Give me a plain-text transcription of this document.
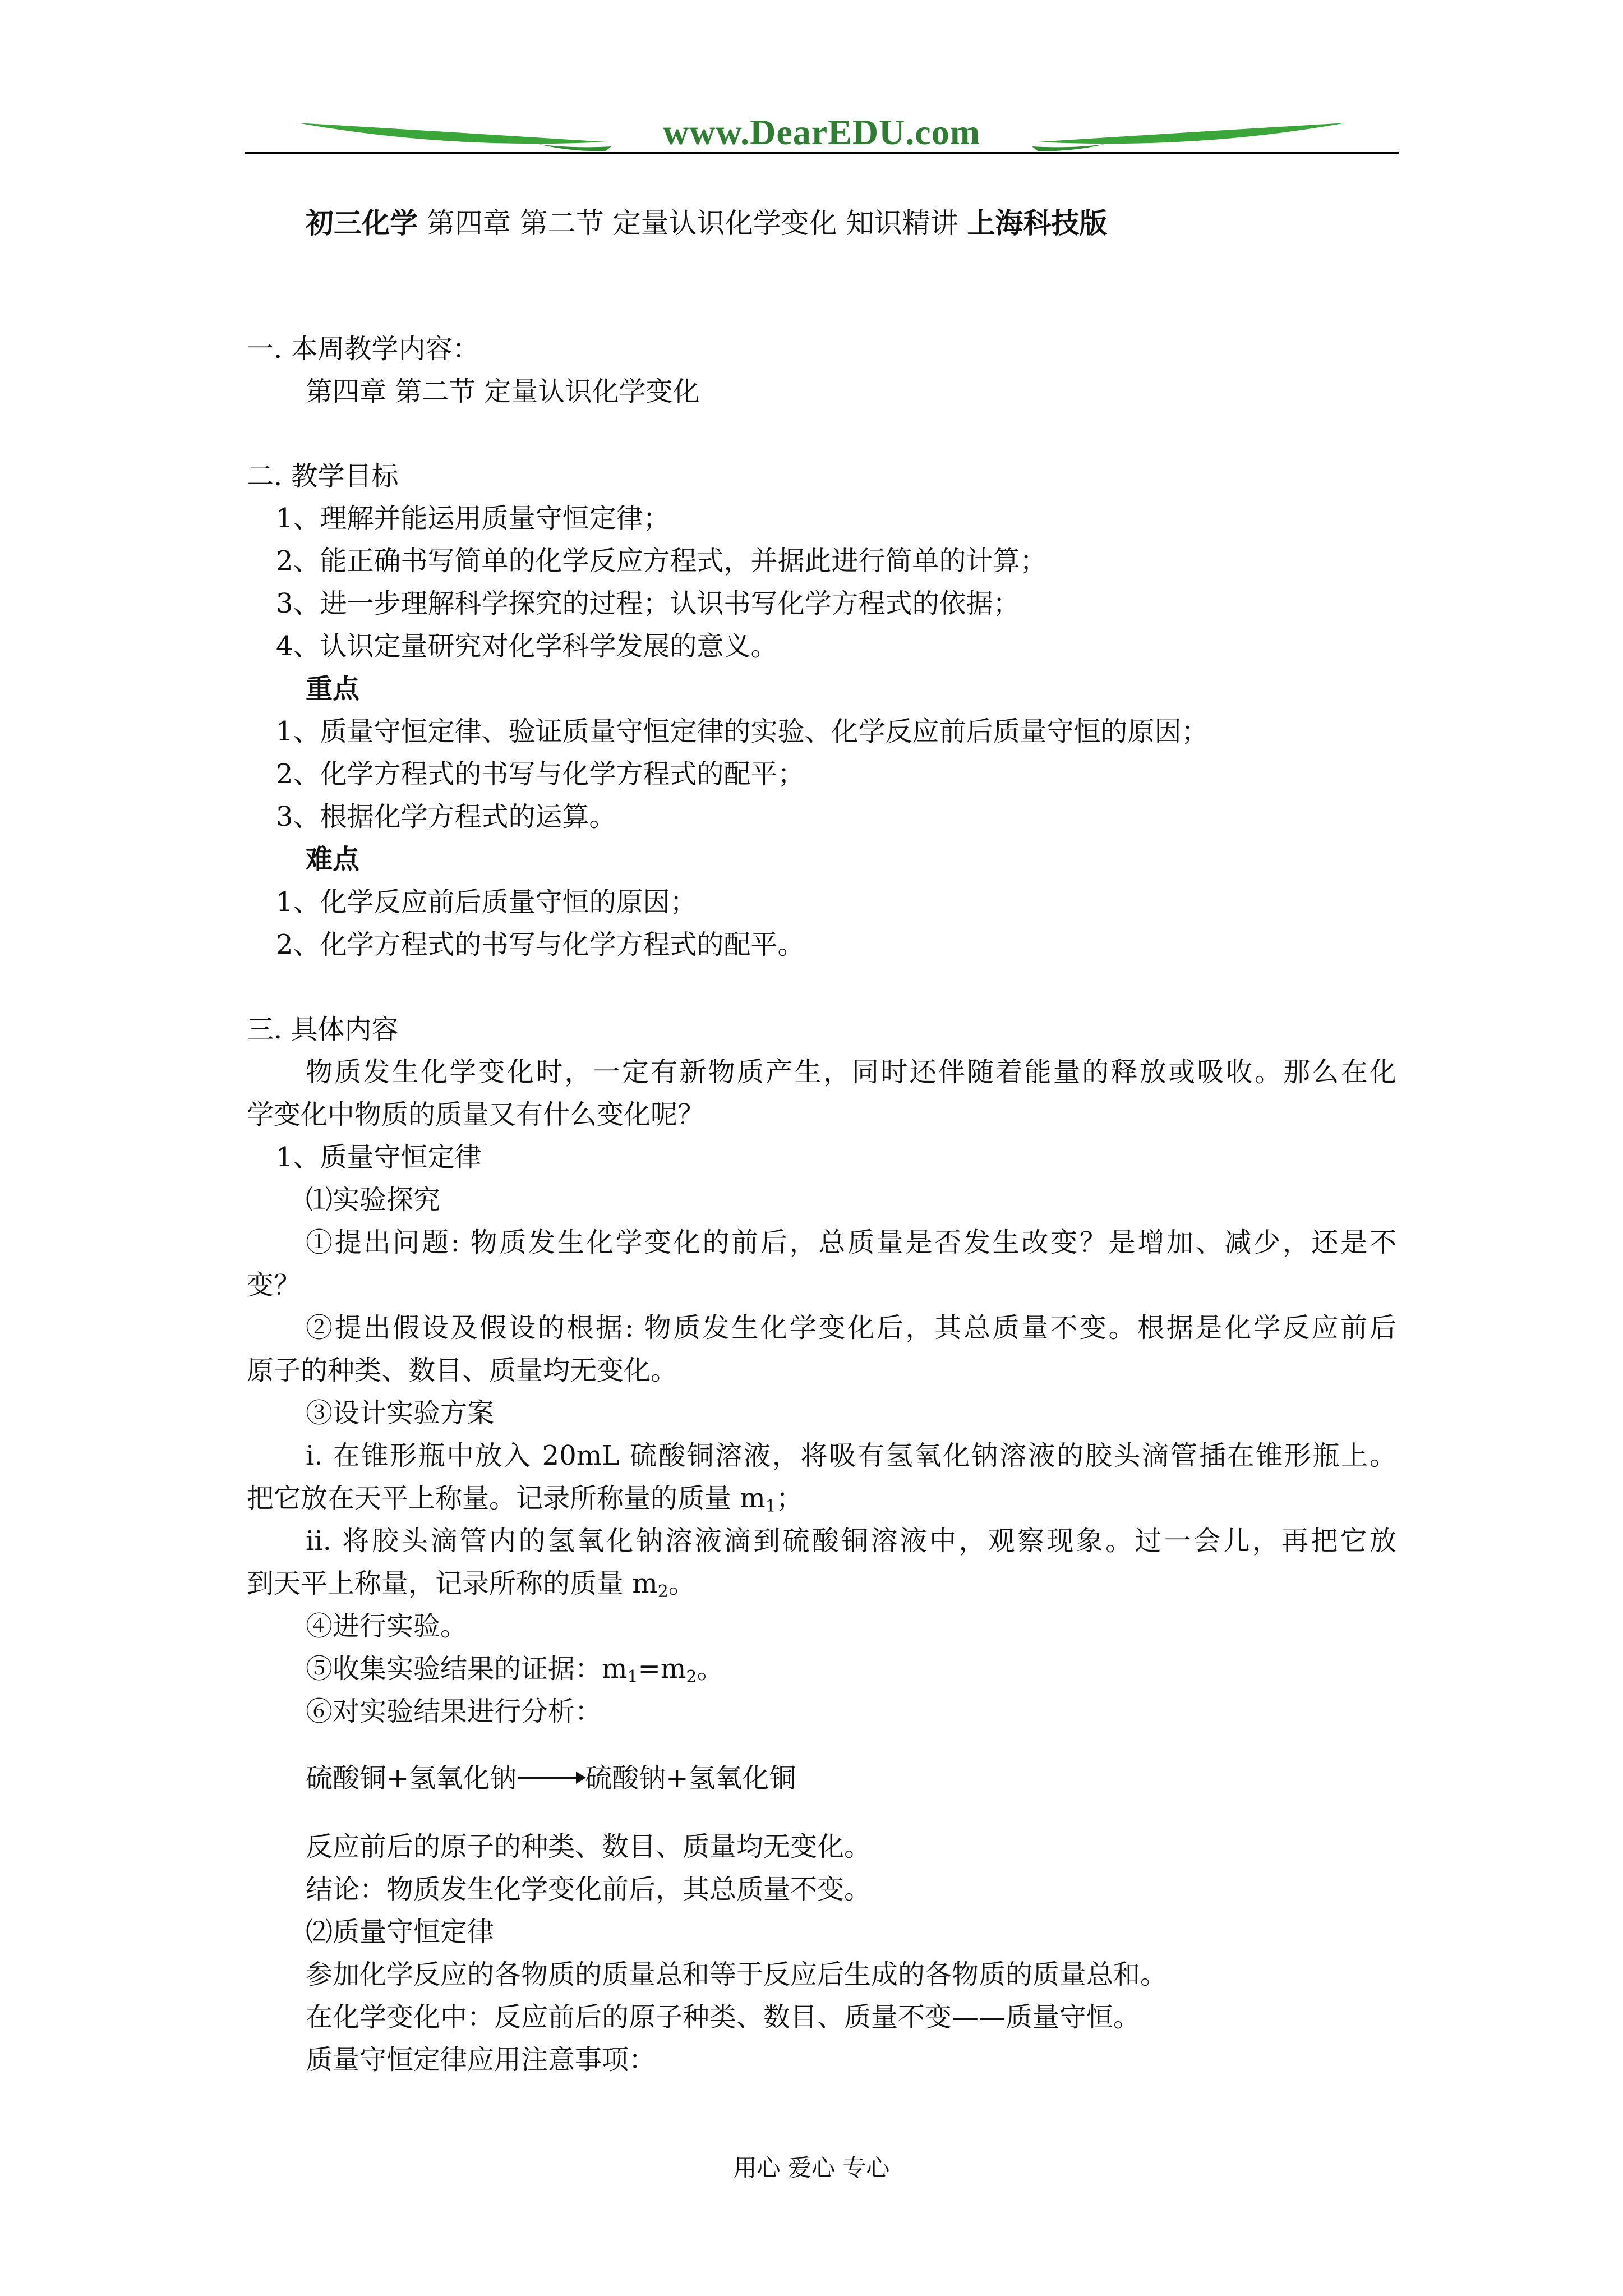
www.DearEDU.com
初三化学 第四章 第二节 定量认识化学变化 知识精讲 上海科技版
一. 本周教学内容：
第四章 第二节 定量认识化学变化
二. 教学目标
1、理解并能运用质量守恒定律；
2、能正确书写简单的化学反应方程式，并据此进行简单的计算；
3、进一步理解科学探究的过程；认识书写化学方程式的依据；
4、认识定量研究对化学科学发展的意义。
重点
1、质量守恒定律、验证质量守恒定律的实验、化学反应前后质量守恒的原因；
2、化学方程式的书写与化学方程式的配平；
3、根据化学方程式的运算。
难点
1、化学反应前后质量守恒的原因；
2、化学方程式的书写与化学方程式的配平。
三. 具体内容
物质发生化学变化时，一定有新物质产生，同时还伴随着能量的释放或吸收。那么在化
学变化中物质的质量又有什么变化呢？
1、质量守恒定律
⑴实验探究
①提出问题: 物质发生化学变化的前后，总质量是否发生改变？是增加、减少，还是不
变？
②提出假设及假设的根据: 物质发生化学变化后，其总质量不变。根据是化学反应前后
原子的种类、数目、质量均无变化。
③设计实验方案
i. 在锥形瓶中放入 20mL 硫酸铜溶液，将吸有氢氧化钠溶液的胶头滴管插在锥形瓶上。
把它放在天平上称量。记录所称量的质量 $m_1$；
ii. 将胶头滴管内的氢氧化钠溶液滴到硫酸铜溶液中，观察现象。过一会儿，再把它放
到天平上称量，记录所称的质量 $m_2$。
④进行实验。
⑤收集实验结果的证据：$m_1=m_2$。
⑥对实验结果进行分析：
硫酸铜+氢氧化钠	硫酸钠+氢氧化铜
反应前后的原子的种类、数目、质量均无变化。
结论：物质发生化学变化前后，其总质量不变。
⑵质量守恒定律
参加化学反应的各物质的质量总和等于反应后生成的各物质的质量总和。
在化学变化中：反应前后的原子种类、数目、质量不变——质量守恒。
质量守恒定律应用注意事项：
用心 爱心 专心
